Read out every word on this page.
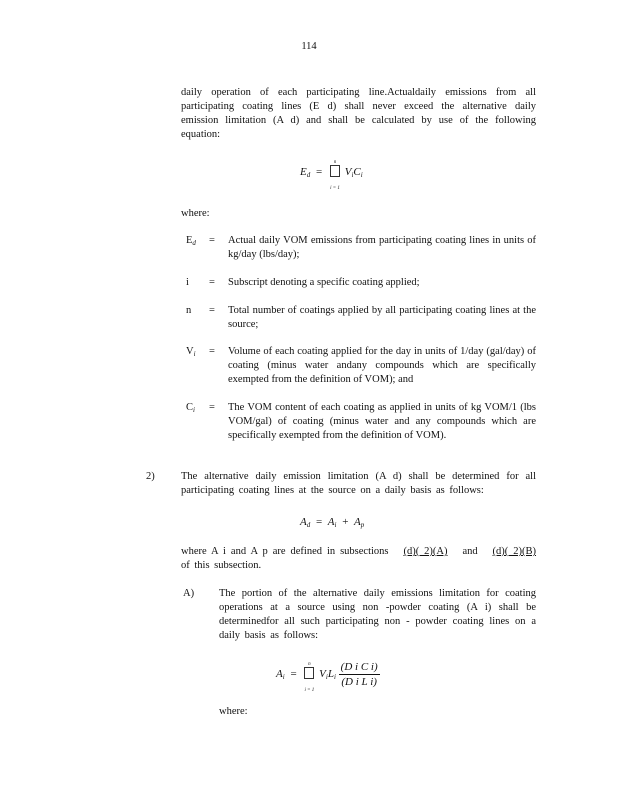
114

daily operation of each participating line.Actualdaily emissions from all participating coating lines (E d) shall never exceed the alternative daily emission limitation (A d) and shall be calculated by use of the following equation:

$E_d$ =
n
i = 1
$V_iC_i$

where:

$E_d$	= Actual daily VOM emissions from participating coating lines in units of kg/day (lbs/day);
i	= Subscript denoting a specific coating applied;
n	= Total number of coatings applied by all participating coating lines at the source;
$V_i$	= Volume of each coating applied for the day in units of 1/day (gal/day) of coating (minus water andany compounds which are specifically exempted from the definition of VOM); and
$C_i$	= The VOM content of each coating as applied in units of kg VOM/1 (lbs VOM/gal) of coating (minus water and any compounds which are specifically exempted from the definition of VOM).

2)	The alternative daily emission limitation (A d) shall be determined for all participating coating lines at the source on a daily basis as follows:

$A_d = A_i + A_p$

where A i and A p are defined in subsections (d)( 2)(A) and (d)( 2)(B) of this subsection.

A) The portion of the alternative daily emissions limitation for coating operations at a source using non -powder coating (A i) shall be determinedfor all such participating non - powder coating lines on a daily basis as follows:

$A_i$ =
n
i = 1
$V_iL_i \frac{\text{(D i C i)}}{\text{(D i L i)}}$

where:
